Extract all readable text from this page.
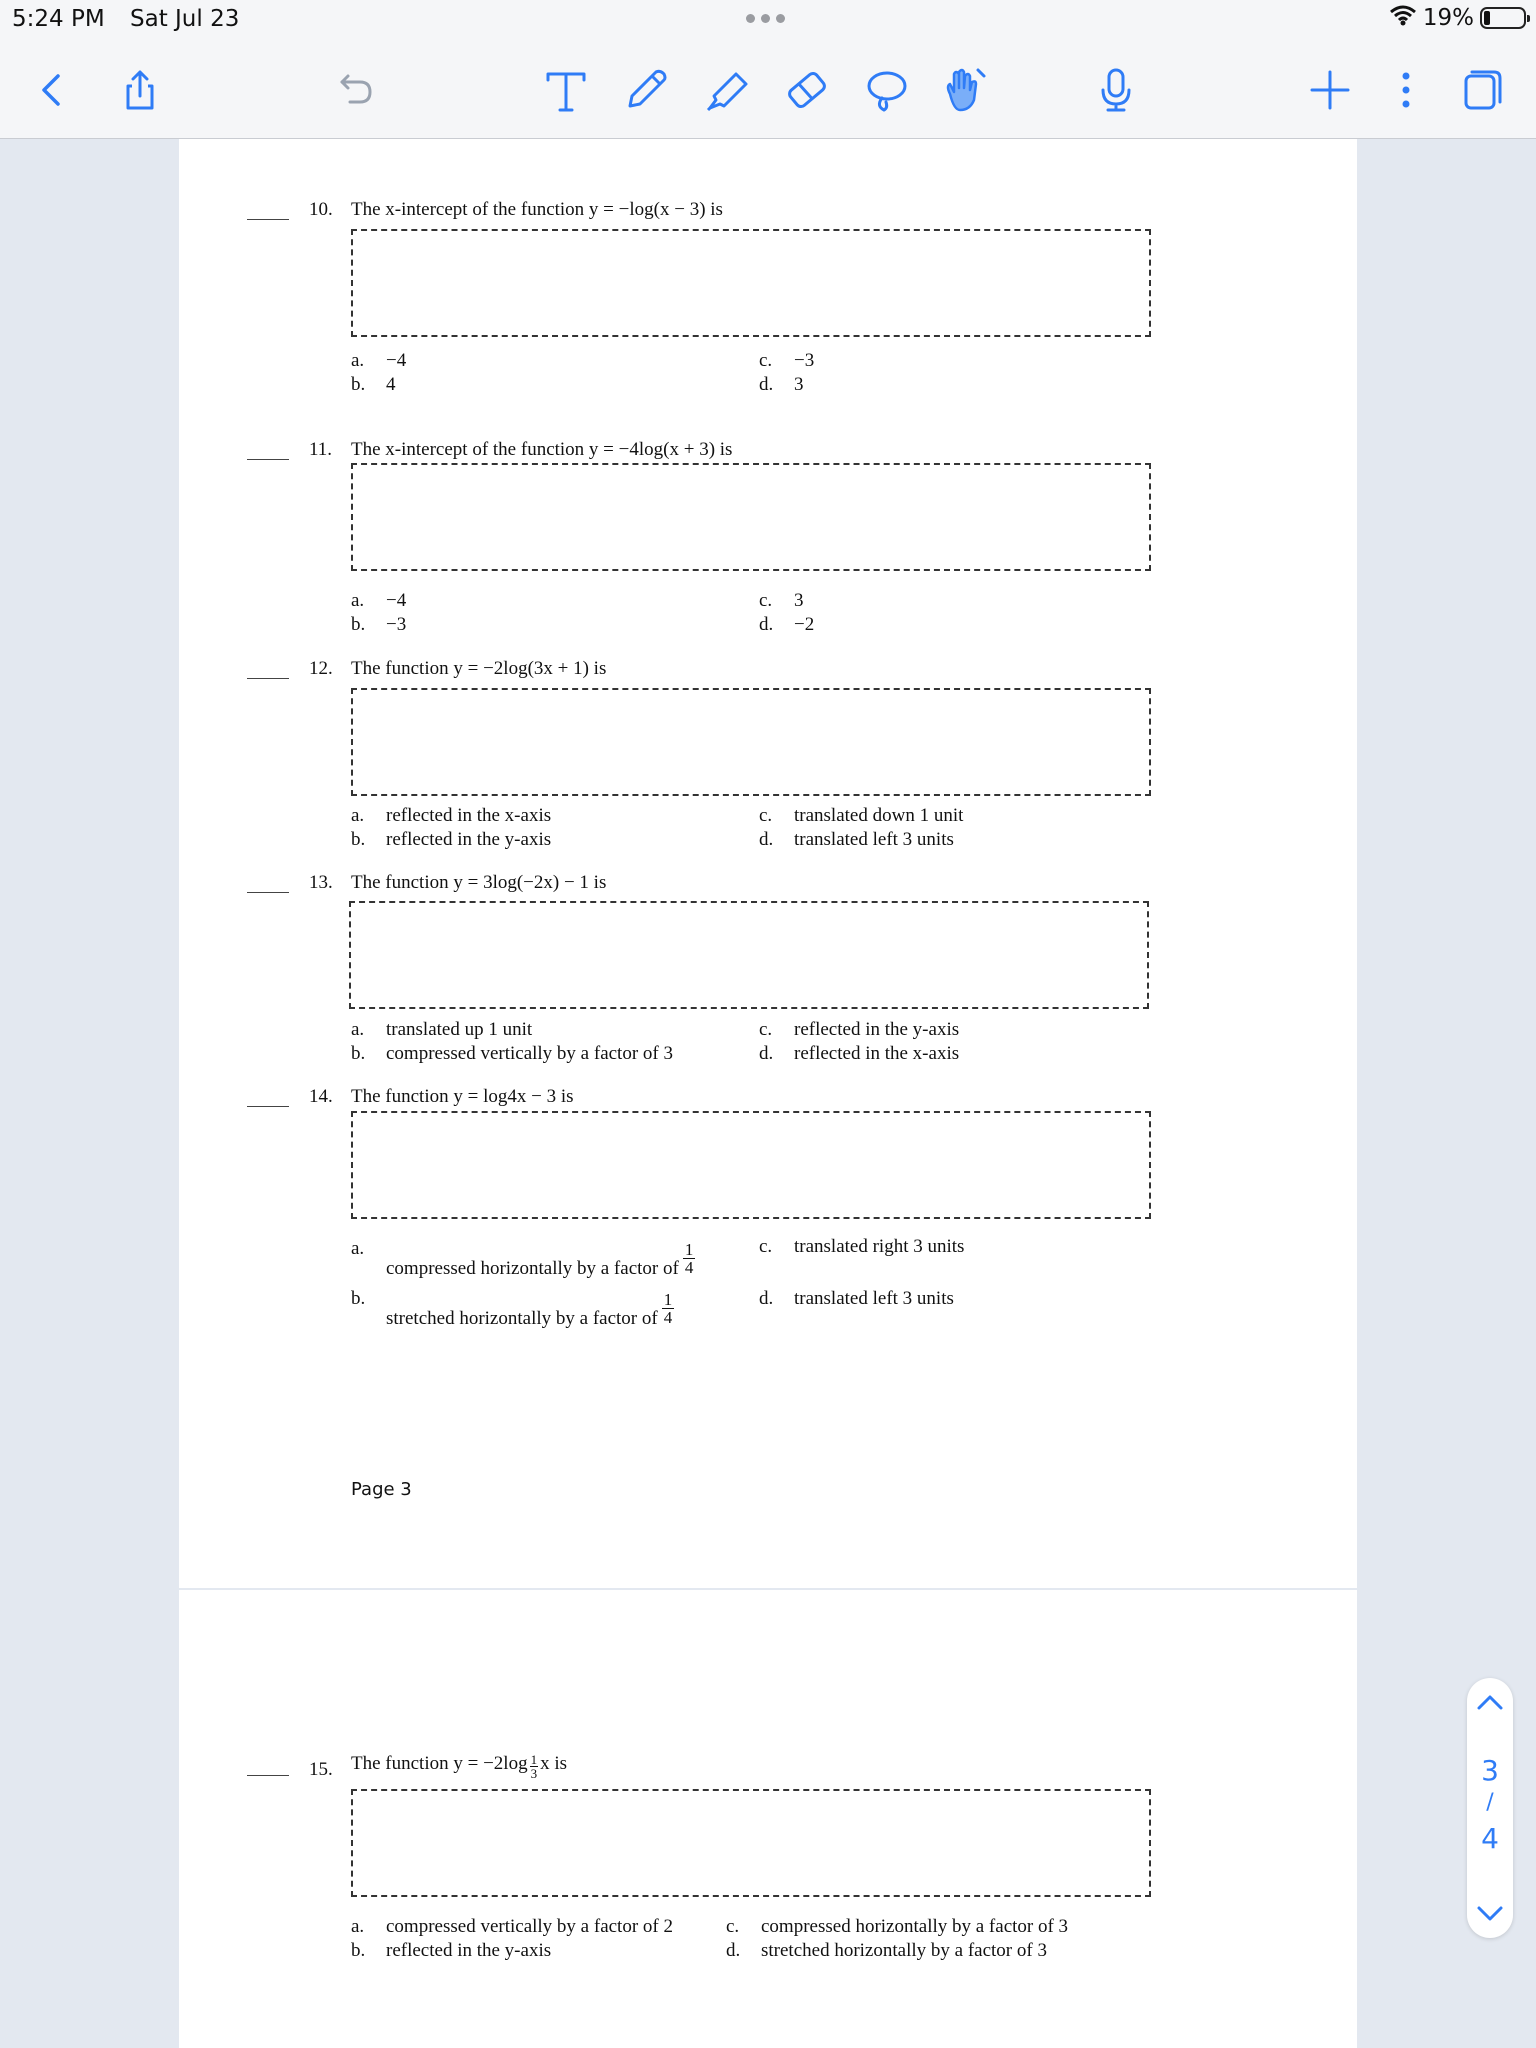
5:24 PM Sat Jul 23	19%
10. The x-intercept of the function y = −log(x − 3) is
a. −4
b. 4
c. −3
d. 3
11. The x-intercept of the function y = −4log(x + 3) is
a. −4
b. −3
c. 3
d. −2
12. The function y = −2log(3x + 1) is
a. reflected in the x-axis
b. reflected in the y-axis
c. translated down 1 unit
d. translated left 3 units
13. The function y = 3log(−2x) − 1 is
a. translated up 1 unit
b. compressed vertically by a factor of 3
c. reflected in the y-axis
d. reflected in the x-axis
14. The function y = log4x − 3 is
a.compressed horizontally by a factor of $\frac{1}{4}$
b.stretched horizontally by a factor of $\frac{1}{4}$
c. translated right 3 units
d. translated left 3 units
Page 3
15. The function $y = -2\log \frac{1}{3}$ x is
a. compressed vertically by a factor of 2
b. reflected in the y-axis
c. compressed horizontally by a factor of 3
d. stretched horizontally by a factor of 3
3
/
4
